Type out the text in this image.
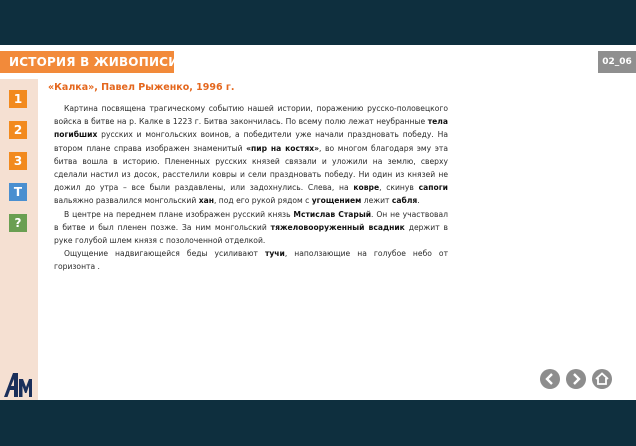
ИСТОРИЯ В ЖИВОПИСИ	02_06
1
2
3
Т
?
«Калка», Павел Рыженко, 1996 г.

Картина посвящена трагическому событию нашей истории, поражению русско-половецкого войска в битве на р. Калке в 1223 г. Битва закончилась. По всему полю лежат неубранные тела погибших русских и монгольских воинов, а победители уже начали праздновать победу. На втором плане справа изображен знаменитый «пир на костях», во многом благодаря эму эта битва вошла в историю. Плененных русских князей связали и уложили на землю, сверху сделали настил из досок, расстелили ковры и сели праздновать победу. Ни один из князей не дожил до утра – все были раздавлены, или задохнулись. Слева, на ковре, скинув сапоги вальяжно развалился монгольский хан, под его рукой рядом с угощением лежит сабля.

В центре на переднем плане изображен русский князь Мстислав Старый. Он не участвовал в битве и был пленен позже. За ним монгольский тяжеловооруженный всадник держит в руке голубой шлем князя с позолоченной отделкой.

Ощущение надвигающейся беды усиливают тучи, наползающие на голубое небо от горизонта .
